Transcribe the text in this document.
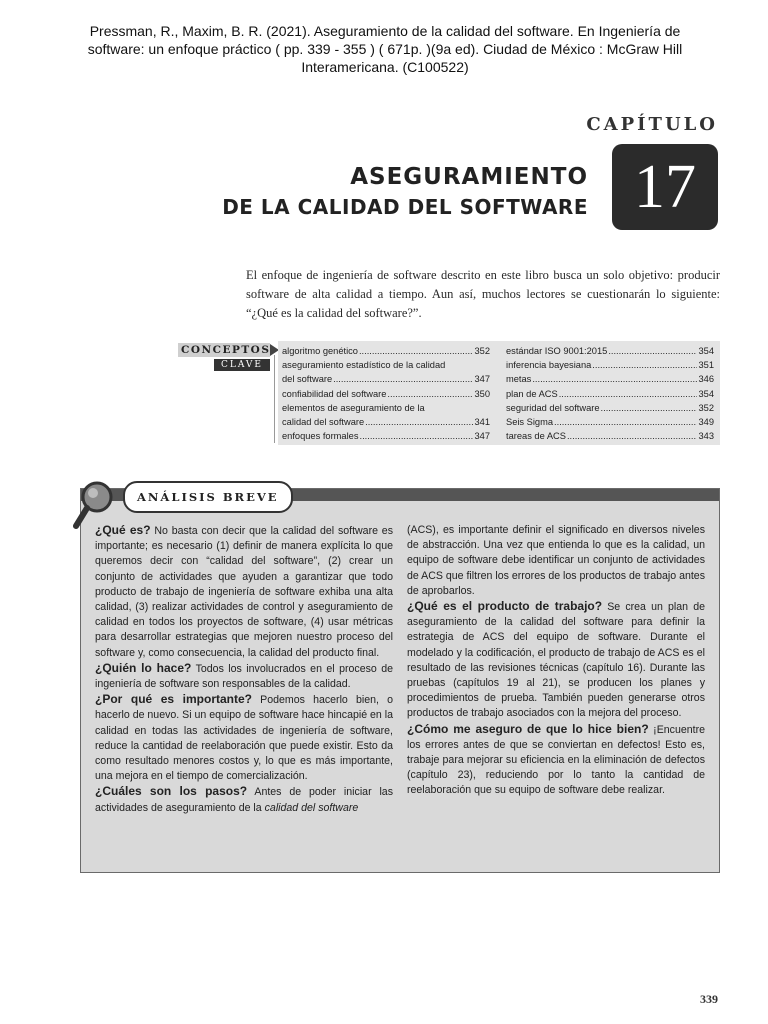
Pressman, R., Maxim, B. R. (2021). Aseguramiento de la calidad del software. En Ingeniería de
software: un enfoque práctico ( pp. 339 - 355 ) ( 671p. )(9a ed). Ciudad de México : McGraw Hill
Interamericana. (C100522)
CAPÍTULO
17
ASEGURAMIENTO
DE LA CALIDAD DEL SOFTWARE
El enfoque de ingeniería de software descrito en este libro busca un solo objetivo: producir software de alta calidad a tiempo. Aun así, muchos lectores se cuestionarán lo siguiente: “¿Qué es la calidad del software?”.
CONCEPTOS
CLAVE
algoritmo genético .....	352
aseguramiento estadístico de la calidad
del software .....	347
confiabilidad del software .....	350
elementos de aseguramiento de la
calidad del software .....	341
enfoques formales .....	347
estándar ISO 9001:2015 .....	354
inferencia bayesiana .....	351
metas .....	346
plan de ACS .....	354
seguridad del software .....	352
Seis Sigma .....	349
tareas de ACS .....	343
ANÁLISIS BREVE

¿Qué es? No basta con decir que la calidad del software es importante; es necesario (1) definir de manera explícita lo que queremos decir con “calidad del software”, (2) crear un conjunto de actividades que ayuden a garantizar que todo producto de trabajo de ingeniería de software exhiba una alta calidad, (3) realizar actividades de control y aseguramiento de calidad en todos los proyectos de software, (4) usar métricas para desarrollar estrategias que mejoren nuestro proceso del software y, como consecuencia, la calidad del producto final.

¿Quién lo hace? Todos los involucrados en el proceso de ingeniería de software son responsables de la calidad.

¿Por qué es importante? Podemos hacerlo bien, o hacerlo de nuevo. Si un equipo de software hace hincapié en la calidad en todas las actividades de ingeniería de software, reduce la cantidad de reelaboración que puede existir. Esto da como resultado menores costos y, lo que es más importante, una mejora en el tiempo de comercialización.

¿Cuáles son los pasos? Antes de poder iniciar las actividades de aseguramiento de la calidad del software

(ACS), es importante definir el significado en diversos niveles de abstracción. Una vez que entienda lo que es la calidad, un equipo de software debe identificar un conjunto de actividades de ACS que filtren los errores de los productos de trabajo antes de aprobarlos.

¿Qué es el producto de trabajo? Se crea un plan de aseguramiento de la calidad del software para definir la estrategia de ACS del equipo de software. Durante el modelado y la codificación, el producto de trabajo de ACS es el resultado de las revisiones técnicas (capítulo 16). Durante las pruebas (capítulos 19 al 21), se producen los planes y procedimientos de prueba. También pueden generarse otros productos de trabajo asociados con la mejora del proceso.

¿Cómo me aseguro de que lo hice bien? ¡Encuentre los errores antes de que se conviertan en defectos! Esto es, trabaje para mejorar su eficiencia en la eliminación de defectos (capítulo 23), reduciendo por lo tanto la cantidad de reelaboración que su equipo de software debe realizar.

339
